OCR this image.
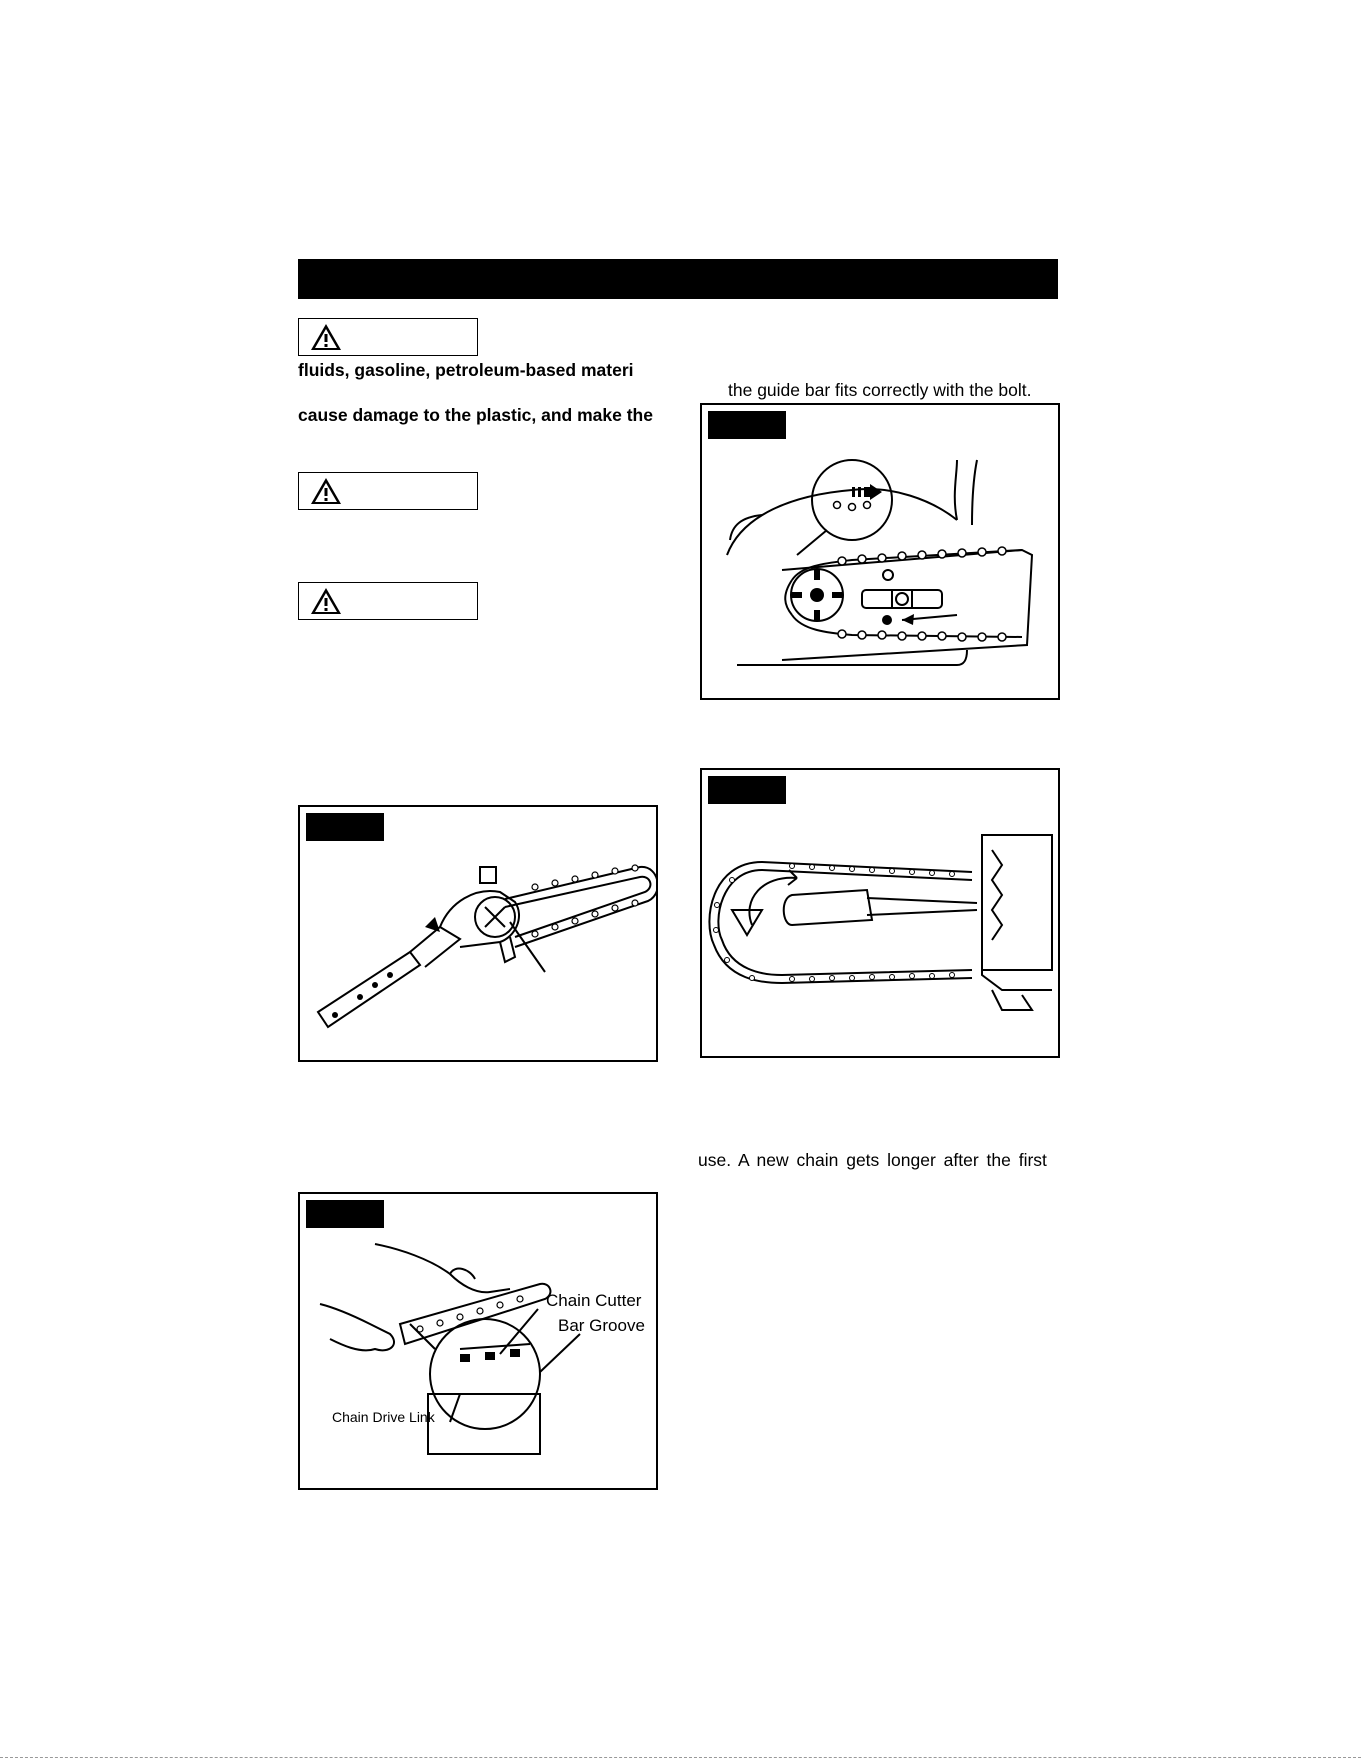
fluids, gasoline, petroleum-based materi
cause damage to the plastic, and make the
the guide bar fits correctly with the bolt.
use. A new chain gets longer after the first
Chain Cutter
Bar Groove
Chain Drive Link
